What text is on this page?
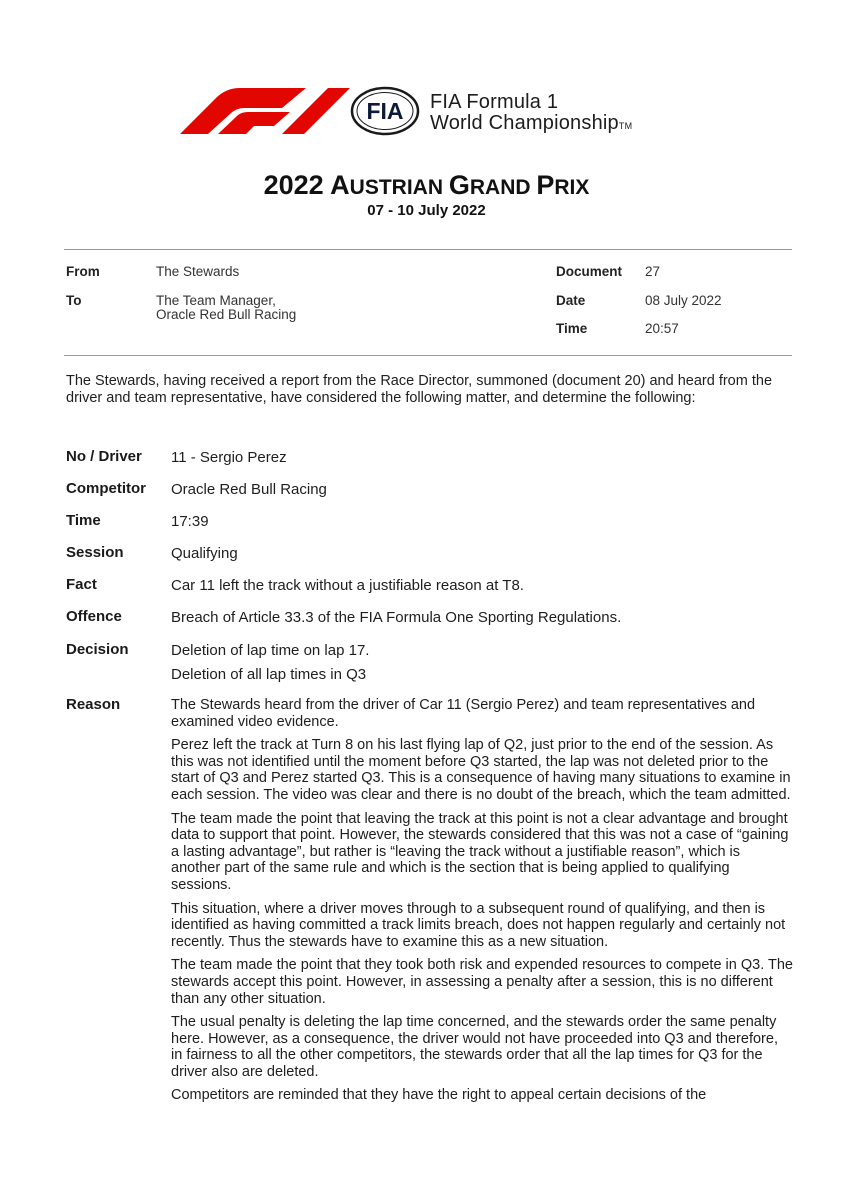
FIA FIA Formula 1
World ChampionshipTM
2022 AUSTRIAN GRAND PRIX
07 - 10 July 2022
From	The Stewards
To	The Team Manager,
Oracle Red Bull Racing
Document 27
Date	08 July 2022
Time	20:57
The Stewards, having received a report from the Race Director, summoned (document 20) and heard from the driver and team representative, have considered the following matter, and determine the following:
No / Driver 11 - Sergio Perez
Competitor Oracle Red Bull Racing
Time	17:39
Session	Qualifying
Fact	Car 11 left the track without a justifiable reason at T8.
Offence	Breach of Article 33.3 of the FIA Formula One Sporting Regulations.
Decision	Deletion of lap time on lap 17.
Deletion of all lap times in Q3
Reason	The Stewards heard from the driver of Car 11 (Sergio Perez) and team representatives and examined video evidence.

Perez left the track at Turn 8 on his last flying lap of Q2, just prior to the end of the session. As this was not identified until the moment before Q3 started, the lap was not deleted prior to the start of Q3 and Perez started Q3. This is a consequence of having many situations to examine in each session. The video was clear and there is no doubt of the breach, which the team admitted.

The team made the point that leaving the track at this point is not a clear advantage and brought data to support that point. However, the stewards considered that this was not a case of “gaining a lasting advantage”, but rather is “leaving the track without a justifiable reason”, which is another part of the same rule and which is the section that is being applied to qualifying sessions.

This situation, where a driver moves through to a subsequent round of qualifying, and then is identified as having committed a track limits breach, does not happen regularly and certainly not recently. Thus the stewards have to examine this as a new situation.

The team made the point that they took both risk and expended resources to compete in Q3. The stewards accept this point. However, in assessing a penalty after a session, this is no different than any other situation.

The usual penalty is deleting the lap time concerned, and the stewards order the same penalty here. However, as a consequence, the driver would not have proceeded into Q3 and therefore, in fairness to all the other competitors, the stewards order that all the lap times for Q3 for the driver also are deleted.

Competitors are reminded that they have the right to appeal certain decisions of the
